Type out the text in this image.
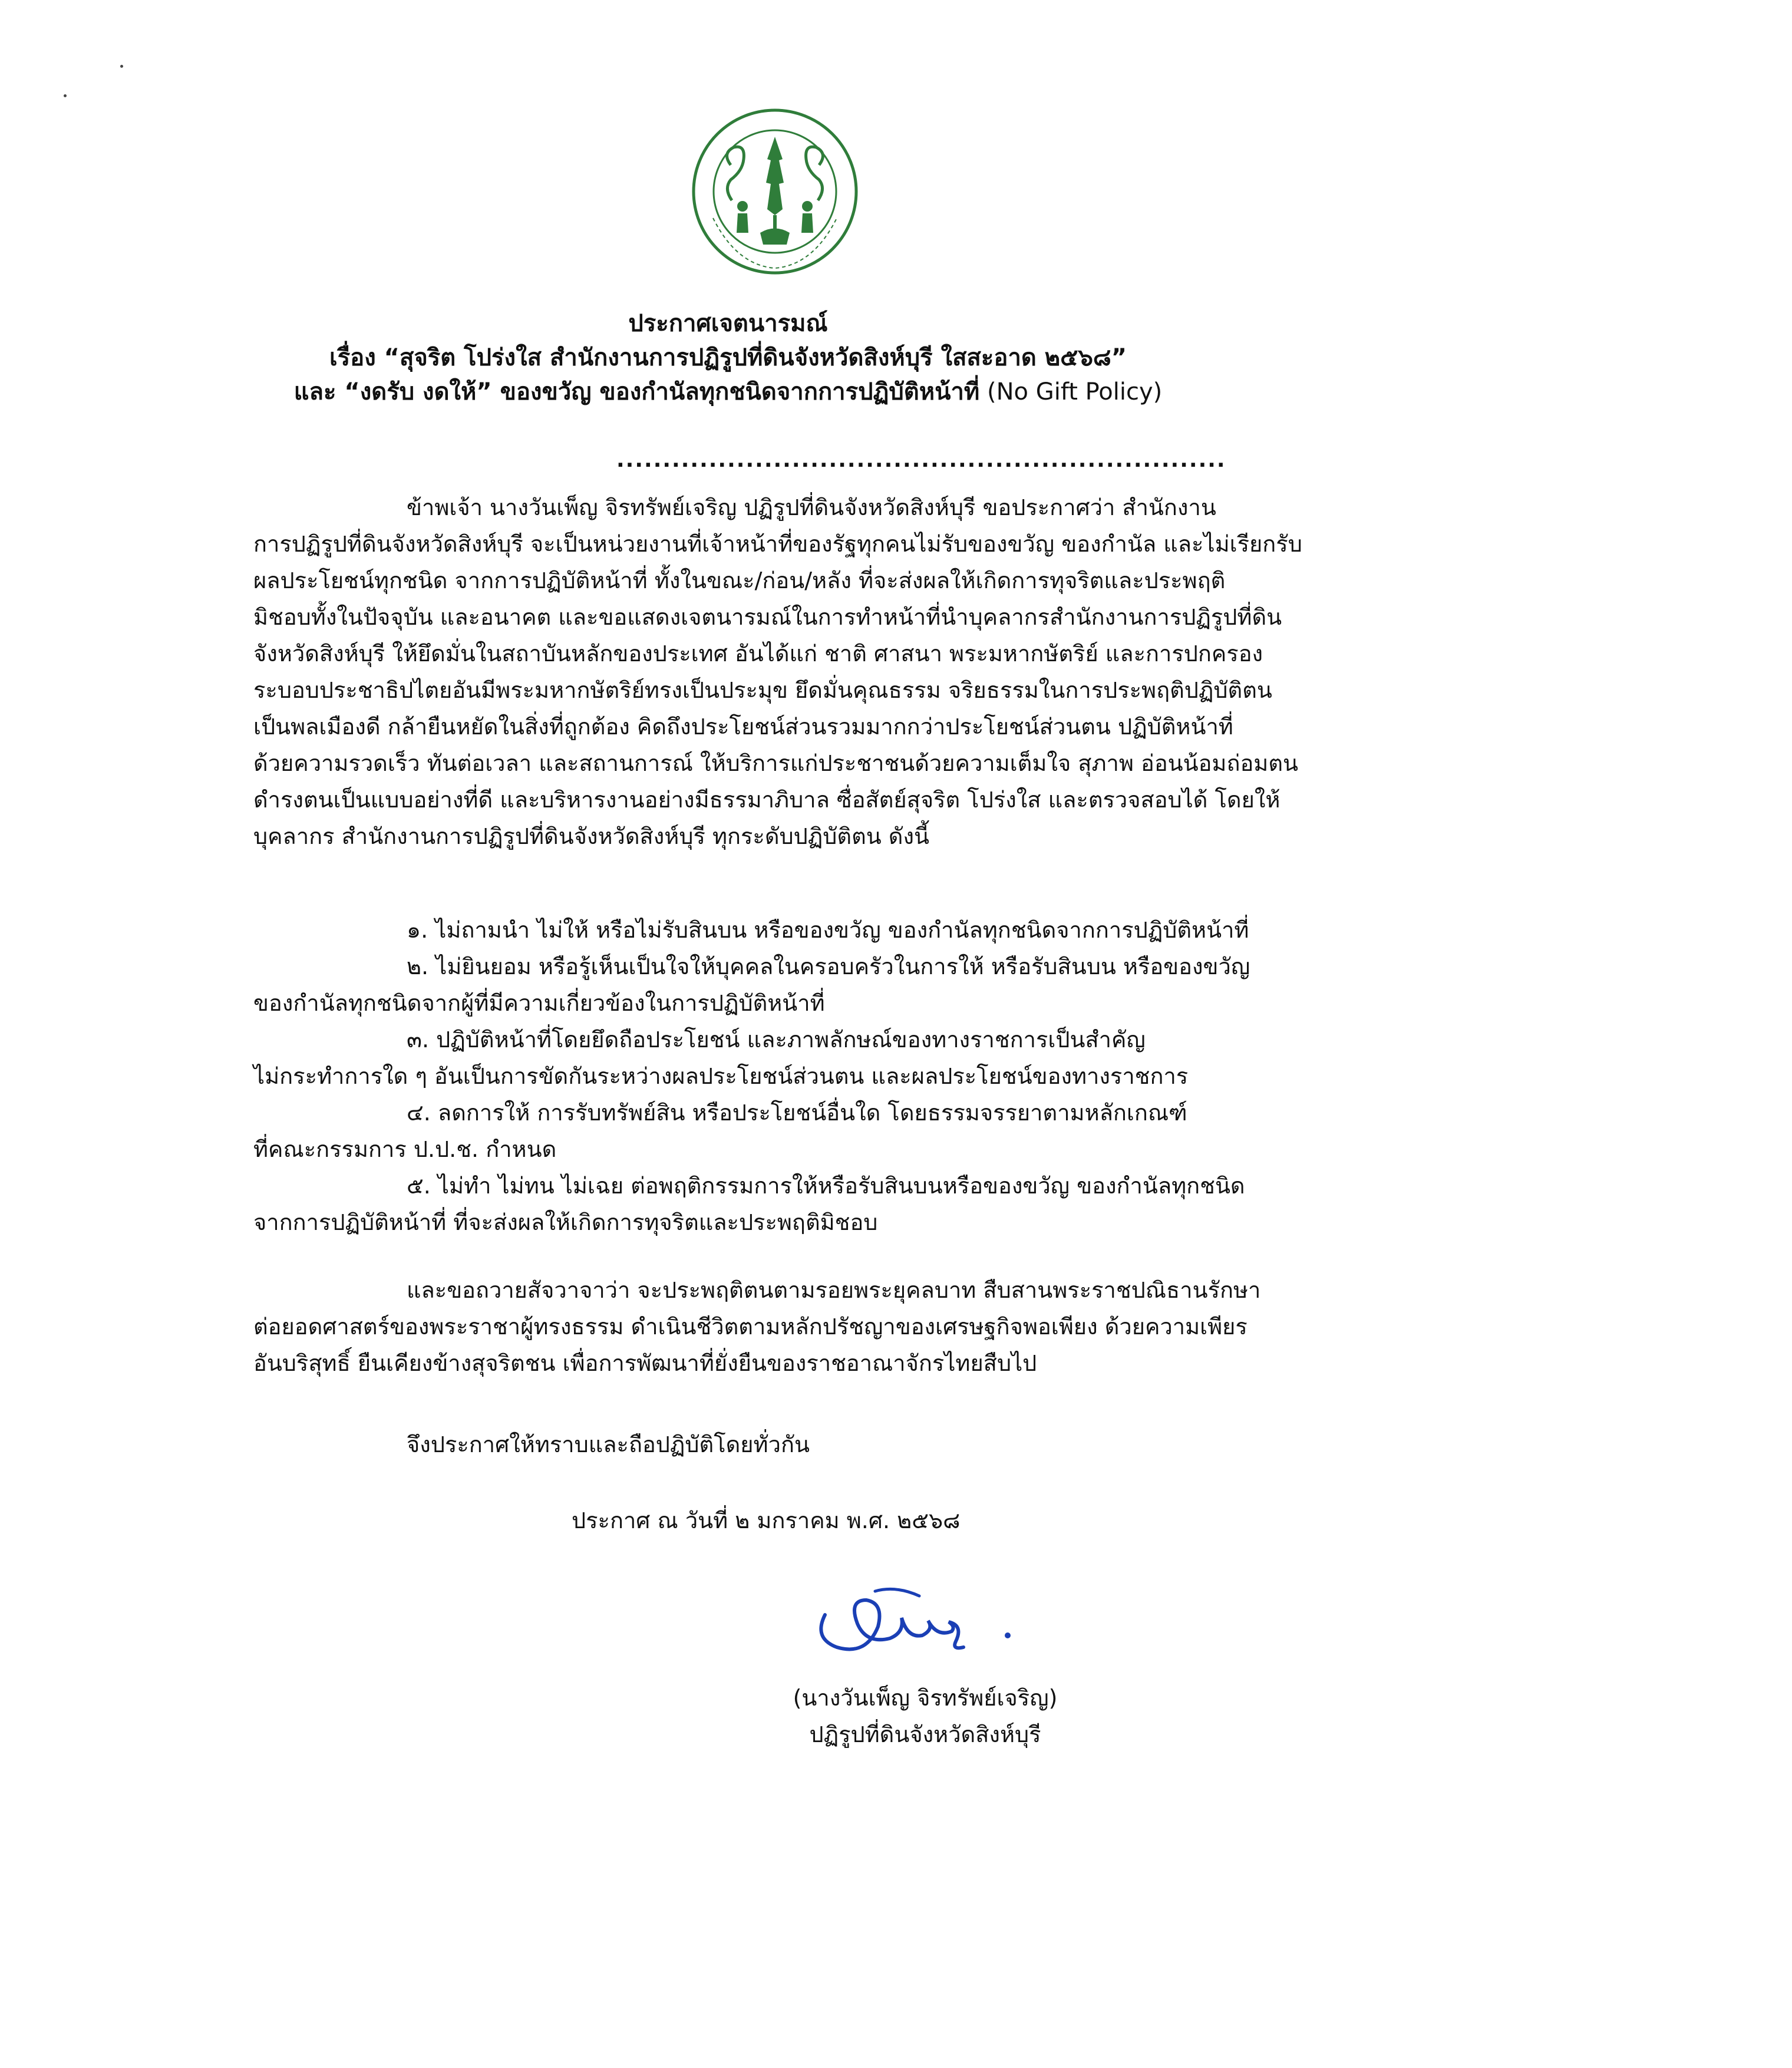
ประกาศเจตนารมณ์
เรื่อง “สุจริต โปร่งใส สำนักงานการปฏิรูปที่ดินจังหวัดสิงห์บุรี ใสสะอาด ๒๕๖๘”
และ “งดรับ งดให้” ของขวัญ ของกำนัลทุกชนิดจากการปฏิบัติหน้าที่ (No Gift Policy)
..................................................................
ข้าพเจ้า นางวันเพ็ญ จิรทรัพย์เจริญ ปฏิรูปที่ดินจังหวัดสิงห์บุรี ขอประกาศว่า สำนักงาน
การปฏิรูปที่ดินจังหวัดสิงห์บุรี จะเป็นหน่วยงานที่เจ้าหน้าที่ของรัฐทุกคนไม่รับของขวัญ ของกำนัล และไม่เรียกรับ
ผลประโยชน์ทุกชนิด จากการปฏิบัติหน้าที่ ทั้งในขณะ/ก่อน/หลัง ที่จะส่งผลให้เกิดการทุจริตและประพฤติ
มิชอบทั้งในปัจจุบัน และอนาคต และขอแสดงเจตนารมณ์ในการทำหน้าที่นำบุคลากรสำนักงานการปฏิรูปที่ดิน
จังหวัดสิงห์บุรี ให้ยึดมั่นในสถาบันหลักของประเทศ อันได้แก่ ชาติ ศาสนา พระมหากษัตริย์ และการปกครอง
ระบอบประชาธิปไตยอันมีพระมหากษัตริย์ทรงเป็นประมุข ยึดมั่นคุณธรรม จริยธรรมในการประพฤติปฏิบัติตน
เป็นพลเมืองดี กล้ายืนหยัดในสิ่งที่ถูกต้อง คิดถึงประโยชน์ส่วนรวมมากกว่าประโยชน์ส่วนตน ปฏิบัติหน้าที่
ด้วยความรวดเร็ว ทันต่อเวลา และสถานการณ์ ให้บริการแก่ประชาชนด้วยความเต็มใจ สุภาพ อ่อนน้อมถ่อมตน
ดำรงตนเป็นแบบอย่างที่ดี และบริหารงานอย่างมีธรรมาภิบาล ซื่อสัตย์สุจริต โปร่งใส และตรวจสอบได้ โดยให้
บุคลากร สำนักงานการปฏิรูปที่ดินจังหวัดสิงห์บุรี ทุกระดับปฏิบัติตน ดังนี้
๑. ไม่ถามนำ ไม่ให้ หรือไม่รับสินบน หรือของขวัญ ของกำนัลทุกชนิดจากการปฏิบัติหน้าที่
๒. ไม่ยินยอม หรือรู้เห็นเป็นใจให้บุคคลในครอบครัวในการให้ หรือรับสินบน หรือของขวัญ
ของกำนัลทุกชนิดจากผู้ที่มีความเกี่ยวข้องในการปฏิบัติหน้าที่
๓. ปฏิบัติหน้าที่โดยยึดถือประโยชน์ และภาพลักษณ์ของทางราชการเป็นสำคัญ
ไม่กระทำการใด ๆ อันเป็นการขัดกันระหว่างผลประโยชน์ส่วนตน และผลประโยชน์ของทางราชการ
๔. ลดการให้ การรับทรัพย์สิน หรือประโยชน์อื่นใด โดยธรรมจรรยาตามหลักเกณฑ์
ที่คณะกรรมการ ป.ป.ช. กำหนด
๕. ไม่ทำ ไม่ทน ไม่เฉย ต่อพฤติกรรมการให้หรือรับสินบนหรือของขวัญ ของกำนัลทุกชนิด
จากการปฏิบัติหน้าที่ ที่จะส่งผลให้เกิดการทุจริตและประพฤติมิชอบ
และขอถวายสัจวาจาว่า จะประพฤติตนตามรอยพระยุคลบาท สืบสานพระราชปณิธานรักษา
ต่อยอดศาสตร์ของพระราชาผู้ทรงธรรม ดำเนินชีวิตตามหลักปรัชญาของเศรษฐกิจพอเพียง ด้วยความเพียร
อันบริสุทธิ์ ยืนเคียงข้างสุจริตชน เพื่อการพัฒนาที่ยั่งยืนของราชอาณาจักรไทยสืบไป
จึงประกาศให้ทราบและถือปฏิบัติโดยทั่วกัน
ประกาศ ณ วันที่ ๒ มกราคม พ.ศ. ๒๕๖๘
(นางวันเพ็ญ จิรทรัพย์เจริญ)
ปฏิรูปที่ดินจังหวัดสิงห์บุรี
